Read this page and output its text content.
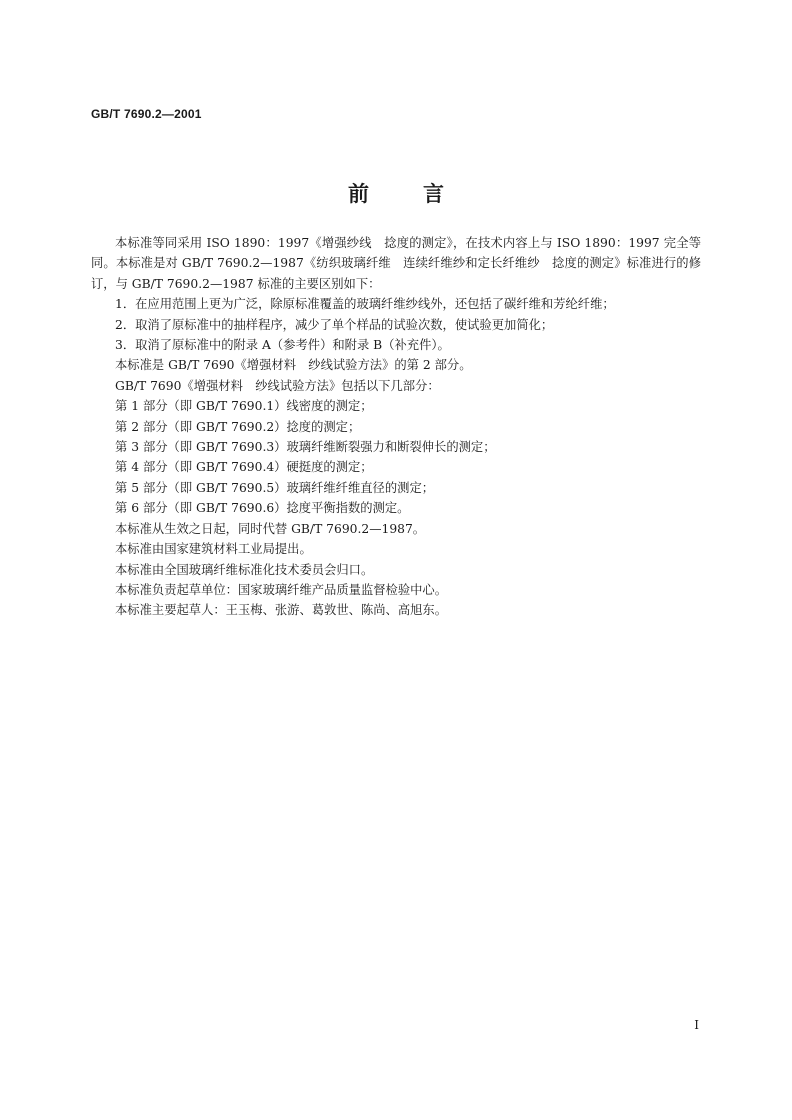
GB/T 7690.2—2001
前	言

本标准等同采用 ISO 1890：1997《增强纱线　捻度的测定》，在技术内容上与 ISO 1890：1997 完全等同。本标准是对 GB/T 7690.2—1987《纺织玻璃纤维　连续纤维纱和定长纤维纱　捻度的测定》标准进行的修订，与 GB/T 7690.2—1987 标准的主要区别如下：

1．在应用范围上更为广泛，除原标准覆盖的玻璃纤维纱线外，还包括了碳纤维和芳纶纤维；

2．取消了原标准中的抽样程序，减少了单个样品的试验次数，使试验更加简化；

3．取消了原标准中的附录 A（参考件）和附录 B（补充件）。

本标准是 GB/T 7690《增强材料　纱线试验方法》的第 2 部分。

GB/T 7690《增强材料　纱线试验方法》包括以下几部分：

第 1 部分（即 GB/T 7690.1）线密度的测定；

第 2 部分（即 GB/T 7690.2）捻度的测定；

第 3 部分（即 GB/T 7690.3）玻璃纤维断裂强力和断裂伸长的测定；

第 4 部分（即 GB/T 7690.4）硬挺度的测定；

第 5 部分（即 GB/T 7690.5）玻璃纤维纤维直径的测定；

第 6 部分（即 GB/T 7690.6）捻度平衡指数的测定。

本标准从生效之日起，同时代替 GB/T 7690.2—1987。

本标准由国家建筑材料工业局提出。

本标准由全国玻璃纤维标准化技术委员会归口。

本标准负责起草单位：国家玻璃纤维产品质量监督检验中心。

本标准主要起草人：王玉梅、张游、葛敦世、陈尚、高旭东。

I
